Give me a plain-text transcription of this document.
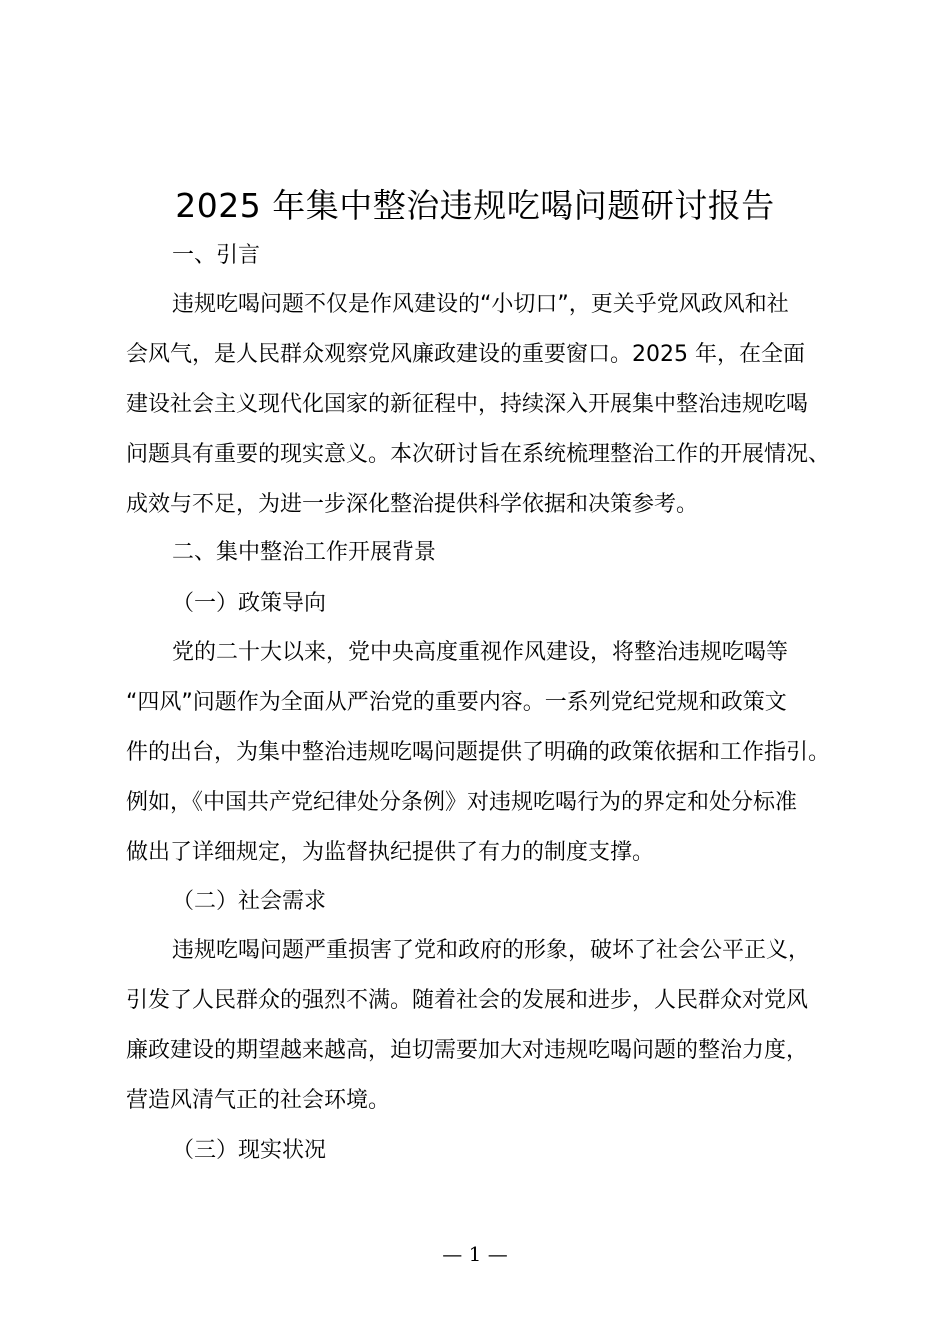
2025 年集中整治违规吃喝问题研讨报告
一、引言
违规吃喝问题不仅是作风建设的“小切口”，更关乎党风政风和社
会风气，是人民群众观察党风廉政建设的重要窗口。2025 年，在全面
建设社会主义现代化国家的新征程中，持续深入开展集中整治违规吃喝
问题具有重要的现实意义。本次研讨旨在系统梳理整治工作的开展情况、
成效与不足，为进一步深化整治提供科学依据和决策参考。
二、集中整治工作开展背景
（一）政策导向
党的二十大以来，党中央高度重视作风建设，将整治违规吃喝等
“四风”问题作为全面从严治党的重要内容。一系列党纪党规和政策文
件的出台，为集中整治违规吃喝问题提供了明确的政策依据和工作指引。
例如，《中国共产党纪律处分条例》对违规吃喝行为的界定和处分标准
做出了详细规定，为监督执纪提供了有力的制度支撑。
（二）社会需求
违规吃喝问题严重损害了党和政府的形象，破坏了社会公平正义，
引发了人民群众的强烈不满。随着社会的发展和进步，人民群众对党风
廉政建设的期望越来越高，迫切需要加大对违规吃喝问题的整治力度，
营造风清气正的社会环境。
（三）现实状况
— 1 —
